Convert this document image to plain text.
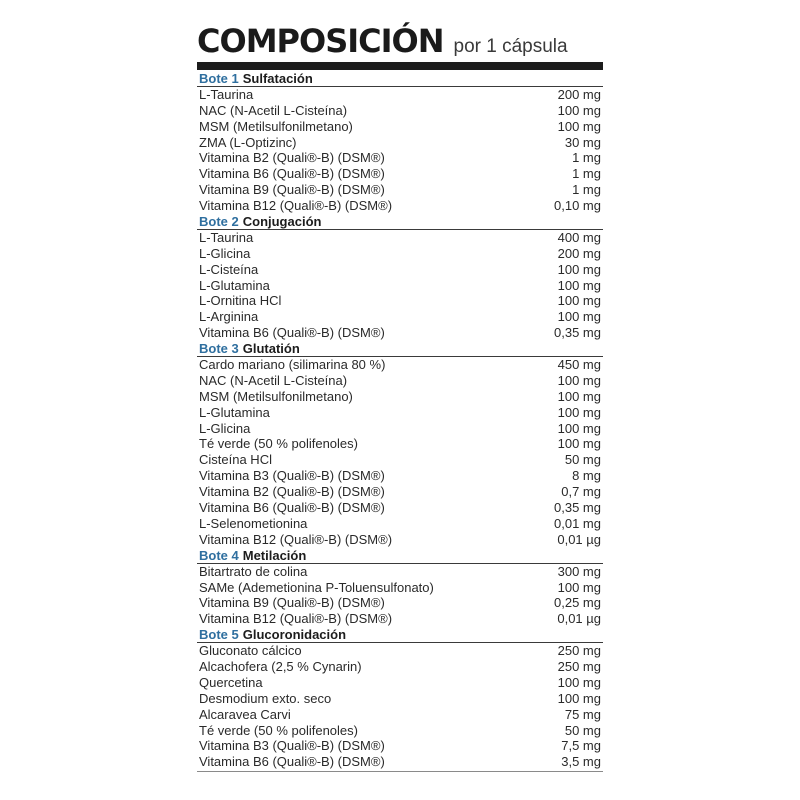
COMPOSICIÓN por 1 cápsula
Bote 1 Sulfatación
L-Taurina	200 mg
NAC (N-Acetil L-Cisteína)	100 mg
MSM (Metilsulfonilmetano)	100 mg
ZMA (L-Optizinc)	30 mg
Vitamina B2 (Quali®-B) (DSM®)	1 mg
Vitamina B6 (Quali®-B) (DSM®)	1 mg
Vitamina B9 (Quali®-B) (DSM®)	1 mg
Vitamina B12 (Quali®-B) (DSM®)	0,10 mg
Bote 2 Conjugación
L-Taurina	400 mg
L-Glicina	200 mg
L-Cisteína	100 mg
L-Glutamina	100 mg
L-Ornitina HCl	100 mg
L-Arginina	100 mg
Vitamina B6 (Quali®-B) (DSM®)	0,35 mg
Bote 3 Glutatión
Cardo mariano (silimarina 80 %)	450 mg
NAC (N-Acetil L-Cisteína)	100 mg
MSM (Metilsulfonilmetano)	100 mg
L-Glutamina	100 mg
L-Glicina	100 mg
Té verde (50 % polifenoles)	100 mg
Cisteína HCl	50 mg
Vitamina B3 (Quali®-B) (DSM®)	8 mg
Vitamina B2 (Quali®-B) (DSM®)	0,7 mg
Vitamina B6 (Quali®-B) (DSM®)	0,35 mg
L-Selenometionina	0,01 mg
Vitamina B12 (Quali®-B) (DSM®)	0,01 µg
Bote 4 Metilación
Bitartrato de colina	300 mg
SAMe (Ademetionina P-Toluensulfonato)	100 mg
Vitamina B9 (Quali®-B) (DSM®)	0,25 mg
Vitamina B12 (Quali®-B) (DSM®)	0,01 µg
Bote 5 Glucoronidación
Gluconato cálcico	250 mg
Alcachofera (2,5 % Cynarin)	250 mg
Quercetina	100 mg
Desmodium exto. seco	100 mg
Alcaravea Carvi	75 mg
Té verde (50 % polifenoles)	50 mg
Vitamina B3 (Quali®-B) (DSM®)	7,5 mg
Vitamina B6 (Quali®-B) (DSM®)	3,5 mg
